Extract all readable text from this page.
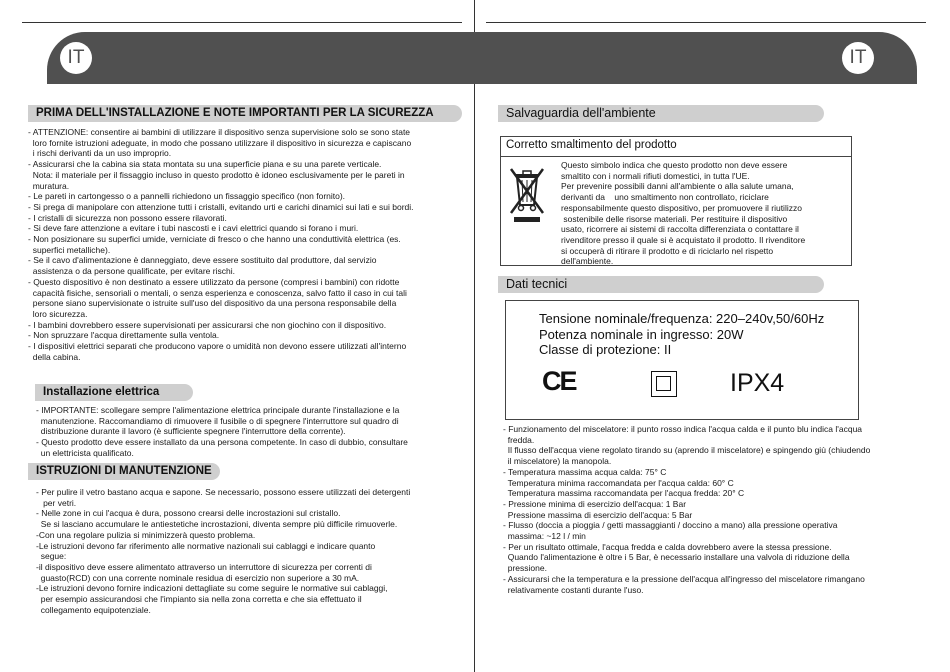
IT	IT
PRIMA DELL'INSTALLAZIONE E NOTE IMPORTANTI PER LA SICUREZZA

- ATTENZIONE: consentire ai bambini di utilizzare il dispositivo senza supervisione solo se sono state

loro fornite istruzioni adeguate, in modo che possano utilizzare il dispositivo in sicurezza e capiscano

i rischi derivanti da un uso improprio.

- Assicurarsi che la cabina sia stata montata su una superficie piana e su una parete verticale.

Nota: il materiale per il fissaggio incluso in questo prodotto è idoneo esclusivamente per le pareti in

muratura.

- Le pareti in cartongesso o a pannelli richiedono un fissaggio specifico (non fornito).

- Si prega di manipolare con attenzione tutti i cristalli, evitando urti e carichi dinamici sui lati e sui bordi.

- I cristalli di sicurezza non possono essere rilavorati.

- Si deve fare attenzione a evitare i tubi nascosti e i cavi elettrici quando si forano i muri.

- Non posizionare su superfici umide, verniciate di fresco o che hanno una conduttività elettrica (es.

superfici metalliche).

- Se il cavo d'alimentazione è danneggiato, deve essere sostituito dal produttore, dal servizio

assistenza o da persone qualificate, per evitare rischi.

- Questo dispositivo è non destinato a essere utilizzato da persone (compresi i bambini) con ridotte

capacità fisiche, sensoriali o mentali, o senza esperienza e conoscenza, salvo fatto il caso in cui tali

persone siano supervisionate o istruite sull'uso del dispositivo da una persona responsabile della

loro sicurezza.

- I bambini dovrebbero essere supervisionati per assicurarsi che non giochino con il dispositivo.

- Non spruzzare l'acqua direttamente sulla ventola.

- I dispositivi elettrici separati che producono vapore o umidità non devono essere utilizzati all'interno

della cabina.

Installazione elettrica

- IMPORTANTE: scollegare sempre l'alimentazione elettrica principale durante l'installazione e la

manutenzione. Raccomandiamo di rimuovere il fusibile o di spegnere l'interruttore sul quadro di

distribuzione durante il lavoro (è sufficiente spegnere l'interruttore della corrente).

- Questo prodotto deve essere installato da una persona competente. In caso di dubbio, consultare

un elettricista qualificato.

ISTRUZIONI DI MANUTENZIONE

- Per pulire il vetro bastano acqua e sapone. Se necessario, possono essere utilizzati dei detergenti

per vetri.

- Nelle zone in cui l'acqua è dura, possono crearsi delle incrostazioni sul cristallo.

Se si lasciano accumulare le antiestetiche incrostazioni, diventa sempre più difficile rimuoverle.

-Con una regolare pulizia si minimizzerà questo problema.

-Le istruzioni devono far riferimento alle normative nazionali sui cablaggi e indicare quanto

segue:

-il dispositivo deve essere alimentato attraverso un interruttore di sicurezza per correnti di

guasto(RCD) con una corrente nominale residua di esercizio non superiore a 30 mA.

-Le istruzioni devono fornire indicazioni dettagliate su come seguire le normative sui cablaggi,

per esempio assicurandosi che l'impianto sia nella zona corretta e che sia effettuato il

collegamento equipotenziale.

Salvaguardia dell'ambiente
Corretto smaltimento del prodotto

Questo simbolo indica che questo prodotto non deve essere

smaltito con i normali rifiuti domestici, in tutta l'UE.

Per prevenire possibili danni all'ambiente o alla salute umana,

derivanti da    uno smaltimento non controllato, riciclare

responsabilmente questo dispositivo, per promuovere il riutilizzo

sostenibile delle risorse materiali. Per restituire il dispositivo

usato, ricorrere ai sistemi di raccolta differenziata o contattare il

rivenditore presso il quale si è acquistato il prodotto. Il rivenditore

si occuperà di ritirare il prodotto e di riciclarlo nel rispetto

dell'ambiente.

Dati tecnici

Tensione nominale/frequenza: 220–240v,50/60Hz

Potenza nominale in ingresso: 20W

Classe di protezione: II

CE	IPX4

- Funzionamento del miscelatore: il punto rosso indica l'acqua calda e il punto blu indica l'acqua

fredda.

Il flusso dell'acqua viene regolato tirando su (aprendo il miscelatore) e spingendo giù (chiudendo

il miscelatore) la manopola.

- Temperatura massima acqua calda: 75° C

Temperatura minima raccomandata per l'acqua calda: 60° C

Temperatura massima raccomandata per l'acqua fredda: 20° C

- Pressione minima di esercizio dell'acqua: 1 Bar

Pressione massima di esercizio dell'acqua: 5 Bar

- Flusso (doccia a pioggia / getti massaggianti / doccino a mano) alla pressione operativa

massima: ~12 l / min

- Per un risultato ottimale, l'acqua fredda e calda dovrebbero avere la stessa pressione.

Quando l'alimentazione è oltre i 5 Bar, è necessario installare una valvola di riduzione della

pressione.

- Assicurarsi che la temperatura e la pressione dell'acqua all'ingresso del miscelatore rimangano

relativamente costanti durante l'uso.
